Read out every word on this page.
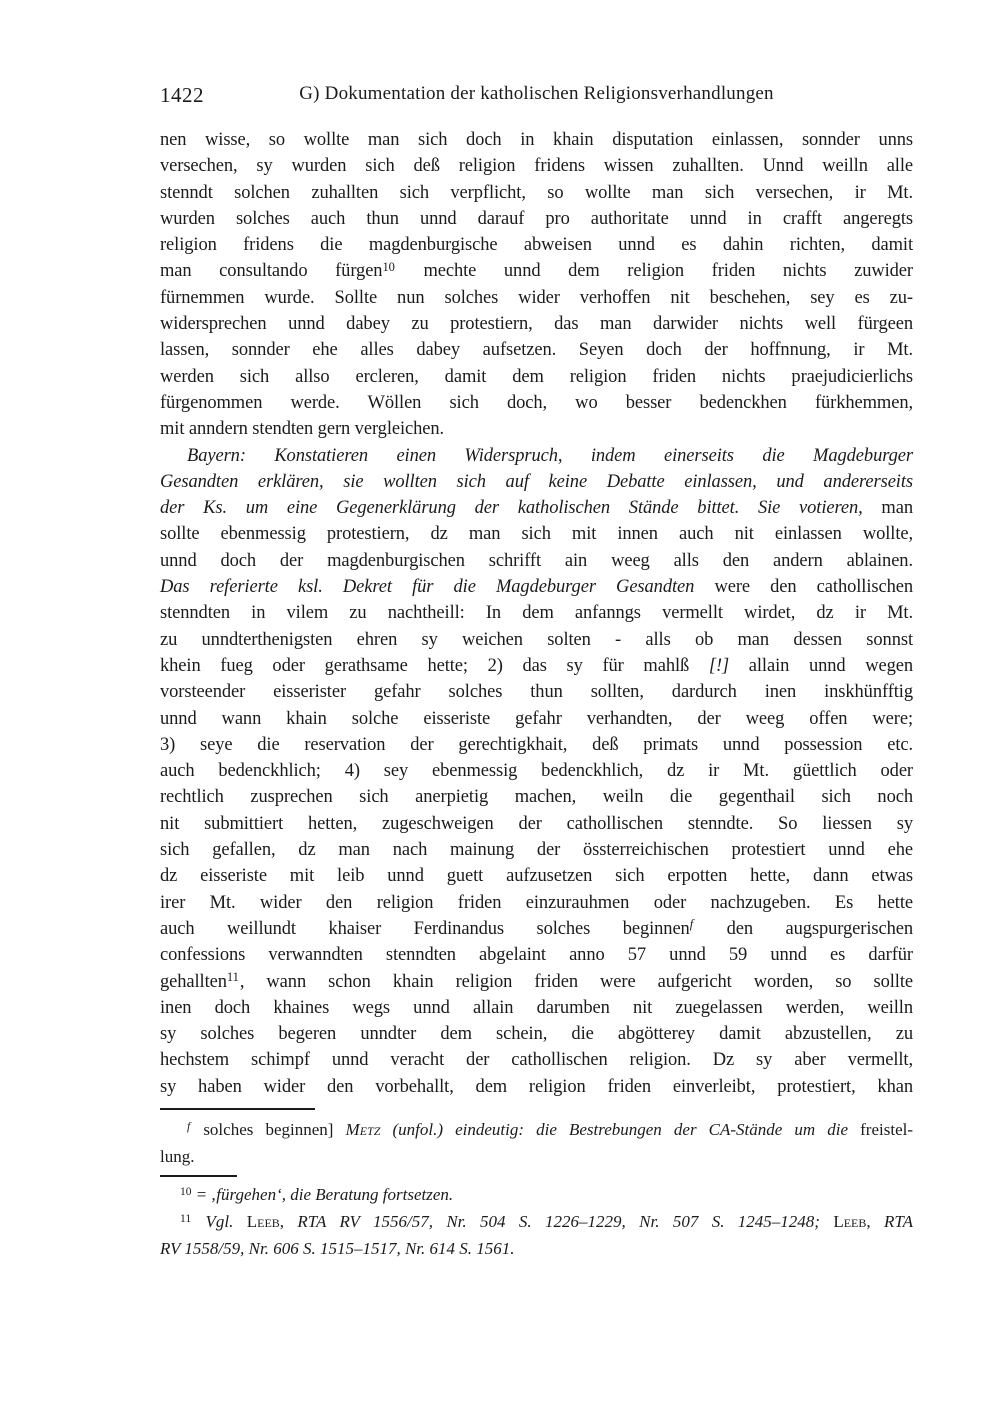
1422	G) Dokumentation der katholischen Religionsverhandlungen
nen wisse, so wollte man sich doch in khain disputation einlassen, sonnder unns
versechen, sy wurden sich deß religion fridens wissen zuhallten. Unnd weilln alle
stenndt solchen zuhallten sich verpflicht, so wollte man sich versechen, ir Mt.
wurden solches auch thun unnd darauf pro authoritate unnd in crafft angeregts
religion fridens die magdenburgische abweisen unnd es dahin richten, damit
man consultando fürgen$^{10}$ mechte unnd dem religion friden nichts zuwider
fürnemmen wurde. Sollte nun solches wider verhoffen nit beschehen, sey es zu-
widersprechen unnd dabey zu protestiern, das man darwider nichts well fürgeen
lassen, sonnder ehe alles dabey aufsetzen. Seyen doch der hoffnnung, ir Mt.
werden sich allso ercleren, damit dem religion friden nichts praejudicierlichs
fürgenommen werde. Wöllen sich doch, wo besser bedenckhen fürkhemmen,
mit anndern stendten gern vergleichen.
Bayern: Konstatieren einen Widerspruch, indem einerseits die Magdeburger
Gesandten erklären, sie wollten sich auf keine Debatte einlassen, und andererseits
der Ks. um eine Gegenerklärung der katholischen Stände bittet. Sie votieren, man
sollte ebenmessig protestiern, dz man sich mit innen auch nit einlassen wollte,
unnd doch der magdenburgischen schrifft ain weeg alls den andern ablainen.
Das referierte ksl. Dekret für die Magdeburger Gesandten were den cathollischen
stenndten in vilem zu nachtheill: In dem anfanngs vermellt wirdet, dz ir Mt.
zu unndterthenigsten ehren sy weichen solten - alls ob man dessen sonnst
khein fueg oder gerathsame hette; 2) das sy für mahlß [!] allain unnd wegen
vorsteender eisserister gefahr solches thun sollten, dardurch inen inskhünfftig
unnd wann khain solche eisseriste gefahr verhandten, der weeg offen were;
3) seye die reservation der gerechtigkhait, deß primats unnd possession etc.
auch bedenckhlich; 4) sey ebenmessig bedenckhlich, dz ir Mt. güettlich oder
rechtlich zusprechen sich anerpietig machen, weiln die gegenthail sich noch
nit submittiert hetten, zugeschweigen der cathollischen stenndte. So liessen sy
sich gefallen, dz man nach mainung der össterreichischen protestiert unnd ehe
dz eisseriste mit leib unnd guett aufzusetzen sich erpotten hette, dann etwas
irer Mt. wider den religion friden einzurauhmen oder nachzugeben. Es hette
auch weillundt khaiser Ferdinandus solches beginnen$^f$ den augspurgerischen
confessions verwanndten stenndten abgelaint anno 57 unnd 59 unnd es darfür
gehallten$^{11}$, wann schon khain religion friden were aufgericht worden, so sollte
inen doch khaines wegs unnd allain darumben nit zuegelassen werden, weilln
sy solches begeren unndter dem schein, die abgötterey damit abzustellen, zu
hechstem schimpf unnd veracht der cathollischen religion. Dz sy aber vermellt,
sy haben wider den vorbehallt, dem religion friden einverleibt, protestiert, khan
$^f$ solches beginnen] Metz (unfol.) eindeutig: die Bestrebungen der CA-Stände um die freistel-
lung.
$^{10}$ = ‚fürgehen‘, die Beratung fortsetzen.
$^{11}$ Vgl. Leeb, RTA RV 1556/57, Nr. 504 S. 1226–1229, Nr. 507 S. 1245–1248; Leeb, RTA
RV 1558/59, Nr. 606 S. 1515–1517, Nr. 614 S. 1561.
